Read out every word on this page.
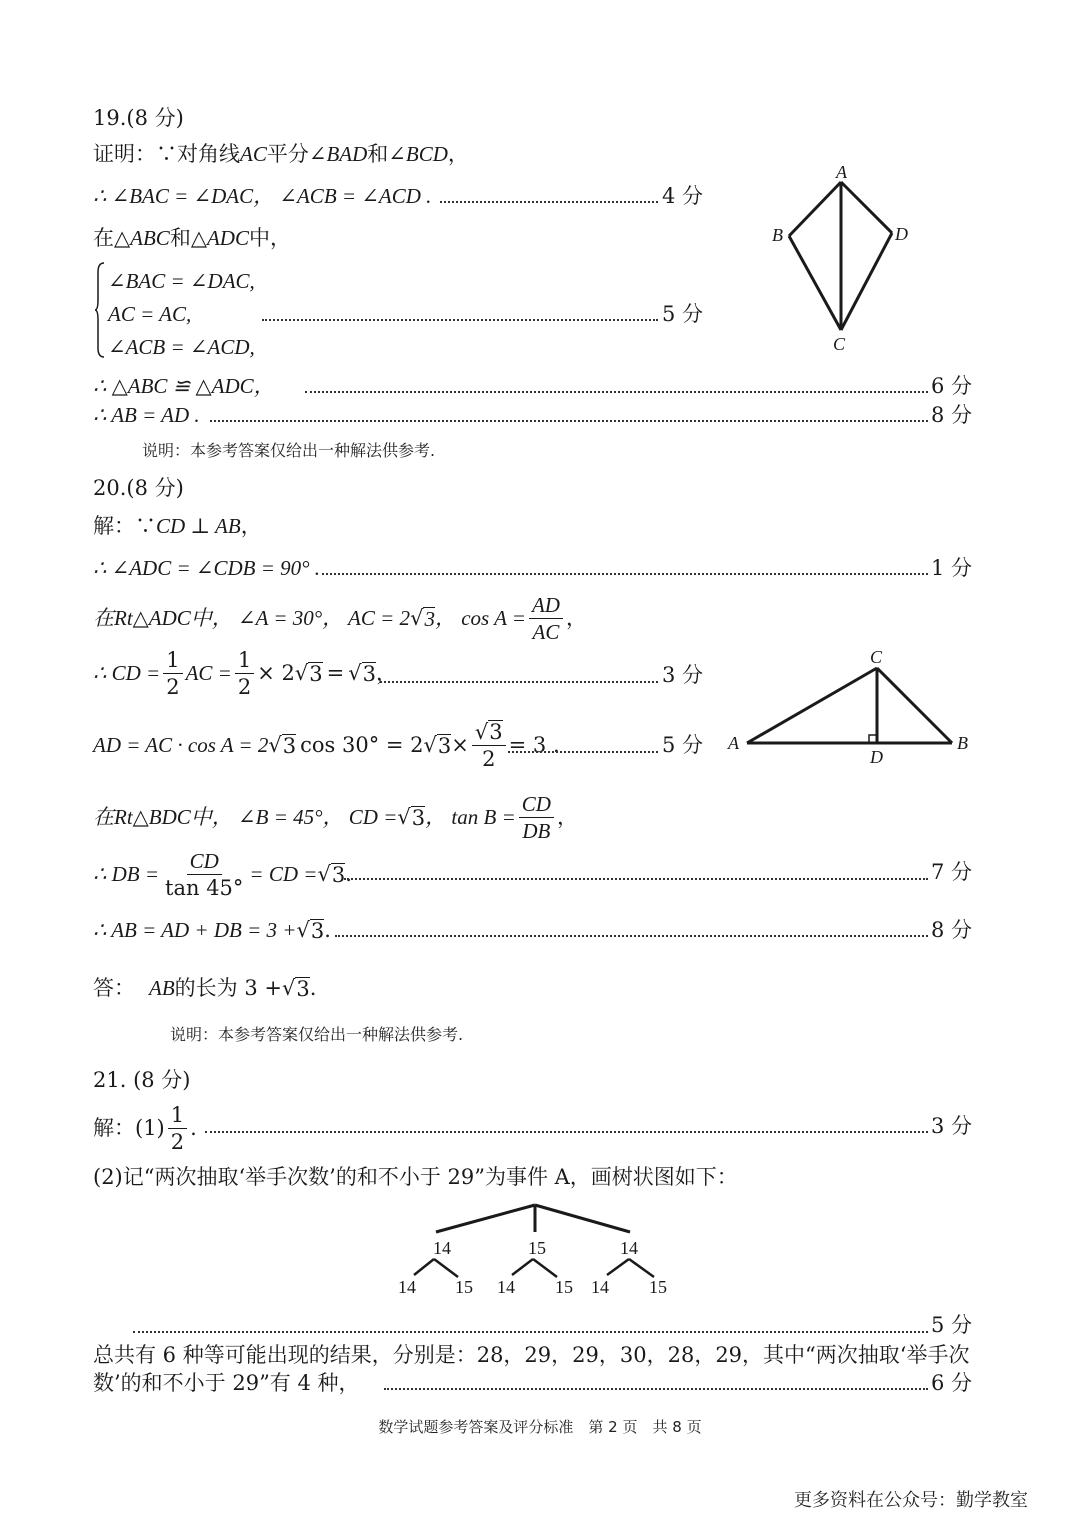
19.(8 分)
证明：∵对角线AC平分∠BAD和∠BCD，
∴ ∠BAC = ∠DAC， ∠ACB = ∠ACD .	4 分
在△ABC和△ADC中，
∠BAC = ∠DAC,
AC = AC,
∠ACB = ∠ACD,
5 分
∴ △ABC ≌ △ADC，	6 分
∴ AB = AD .	8 分
说明：本参考答案仅给出一种解法供参考.
A
B	D
C
20.(8 分)
解：∵CD ⊥ AB，
∴ ∠ADC = ∠CDB = 90° .	1 分
在Rt△ADC中， ∠A = 30°， AC = 2 √ 3 ， $\cos A = \frac{AD}{AC}$ ，
∴ CD = $\frac{1}{2}$ AC = $\frac{1}{2} \times 2$ √ 3 = √ 3 ，	3 分
AD = AC · cos A = 2 √ 3 cos 30° = 2 √ $3 \times \frac{√3}{2} = 3$ .	5 分
C
A	B
D
在Rt△BDC中， ∠B = 45°， CD = √ 3 ， $\tan B = \frac{CD}{DB}$ ，
∴ DB = $\frac{CD}{\tan 45^\circ}$ = CD = √ 3 .	7 分
∴ AB = AD + DB = 3 + √ 3 .	8 分
答： AB 的长为 3 + √ 3 .
说明：本参考答案仅给出一种解法供参考.
21. (8 分)
解：$(1) \frac{1}{2}$ .	3 分
(2)记“两次抽取‘举手次数’的和不小于 29”为事件 A，画树状图如下：
14	15	14
14 15 14 15 14 15
5 分
总共有 6 种等可能出现的结果，分别是：28，29，29，30，28，29，其中“两次抽取‘举手次
数’的和不小于 29”有 4 种，	6 分
数学试题参考答案及评分标准　第 2 页　共 8 页
更多资料在公众号：勤学教室
